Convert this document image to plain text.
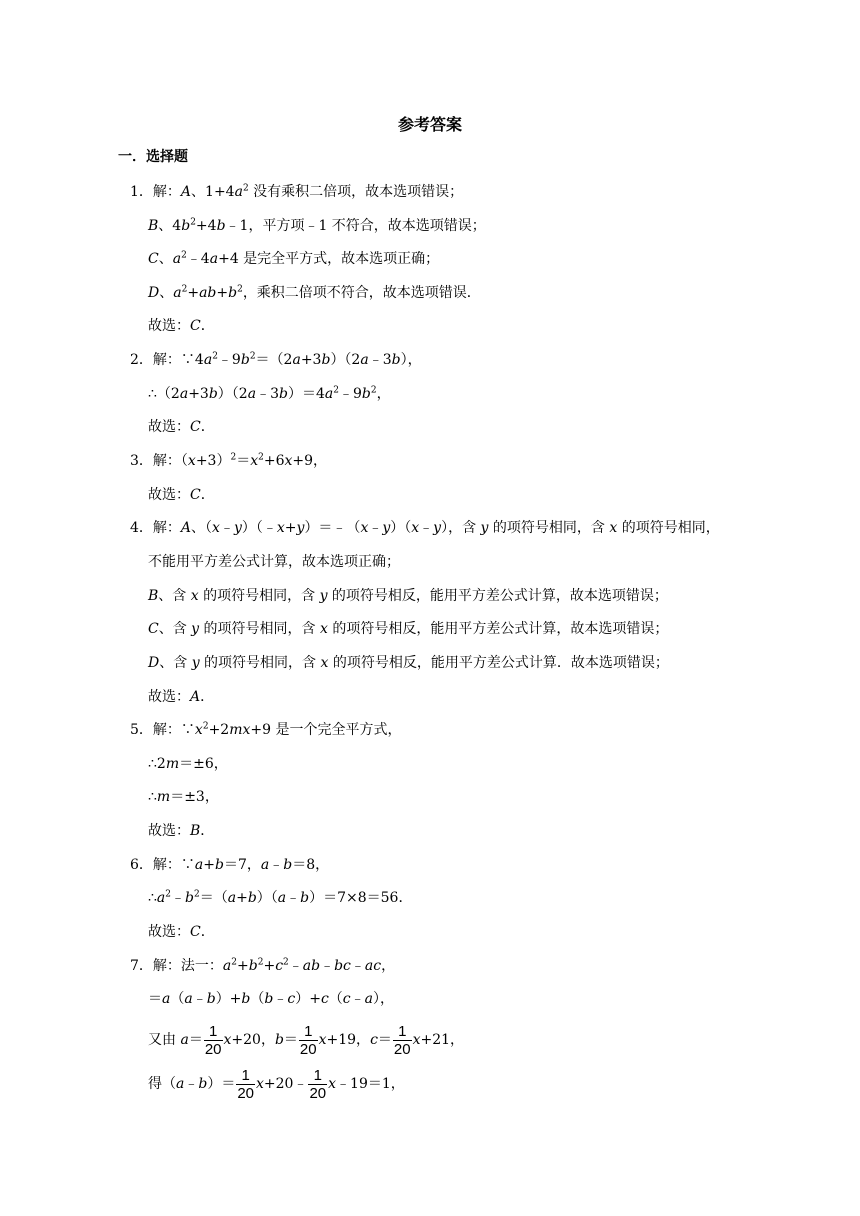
参考答案
一．选择题
1．解：A、$1+4a^2$ 没有乘积二倍项，故本选项错误；
B、$4b^2+4b﹣1$，平方项﹣1 不符合，故本选项错误；
C、$a^2﹣4a+4$ 是完全平方式，故本选项正确；
D、$a^2+ab+b^2$，乘积二倍项不符合，故本选项错误．
故选：C．
2．解：$\because 4a^2﹣9b^2=(2a+3b)(2a﹣3b)$，
$\therefore(2a+3b)(2a﹣3b)=4a^2﹣9b^2$，
故选：C．
3．解：$(x+3)^2=x^2+6x+9$，
故选：C．
4．解：A、（x﹣y）（﹣x+y）＝﹣（x﹣y）（x﹣y），含 y 的项符号相同，含 x 的项符号相同，
不能用平方差公式计算，故本选项正确；
B、含 x 的项符号相同，含 y 的项符号相反，能用平方差公式计算，故本选项错误；
C、含 y 的项符号相同，含 x 的项符号相反，能用平方差公式计算，故本选项错误；
D、含 y 的项符号相同，含 x 的项符号相反，能用平方差公式计算．故本选项错误；
故选：A．
5．解：$\because x^2+2mx+9$ 是一个完全平方式，
∴2m＝±6，
∴m＝±3，
故选：B．
6．解：∵a+b＝7，a﹣b＝8，
$\therefore a^2﹣b^2=(a+b)(a﹣b)=7\times 8=56$．
故选：C．
7．解：法一：$a^2+b^2+c^2﹣ab﹣bc﹣ac$，
＝a（a﹣b）+b（b﹣c）+c（c﹣a），
又由 $a= \frac{1}{20} x+20$，$b= \frac{1}{20} x+19$，$c= \frac{1}{20} x+21$，
得（a﹣b）＝ $\frac{1}{20}$ x+20﹣ $\frac{1}{20}$ x﹣19＝1，
